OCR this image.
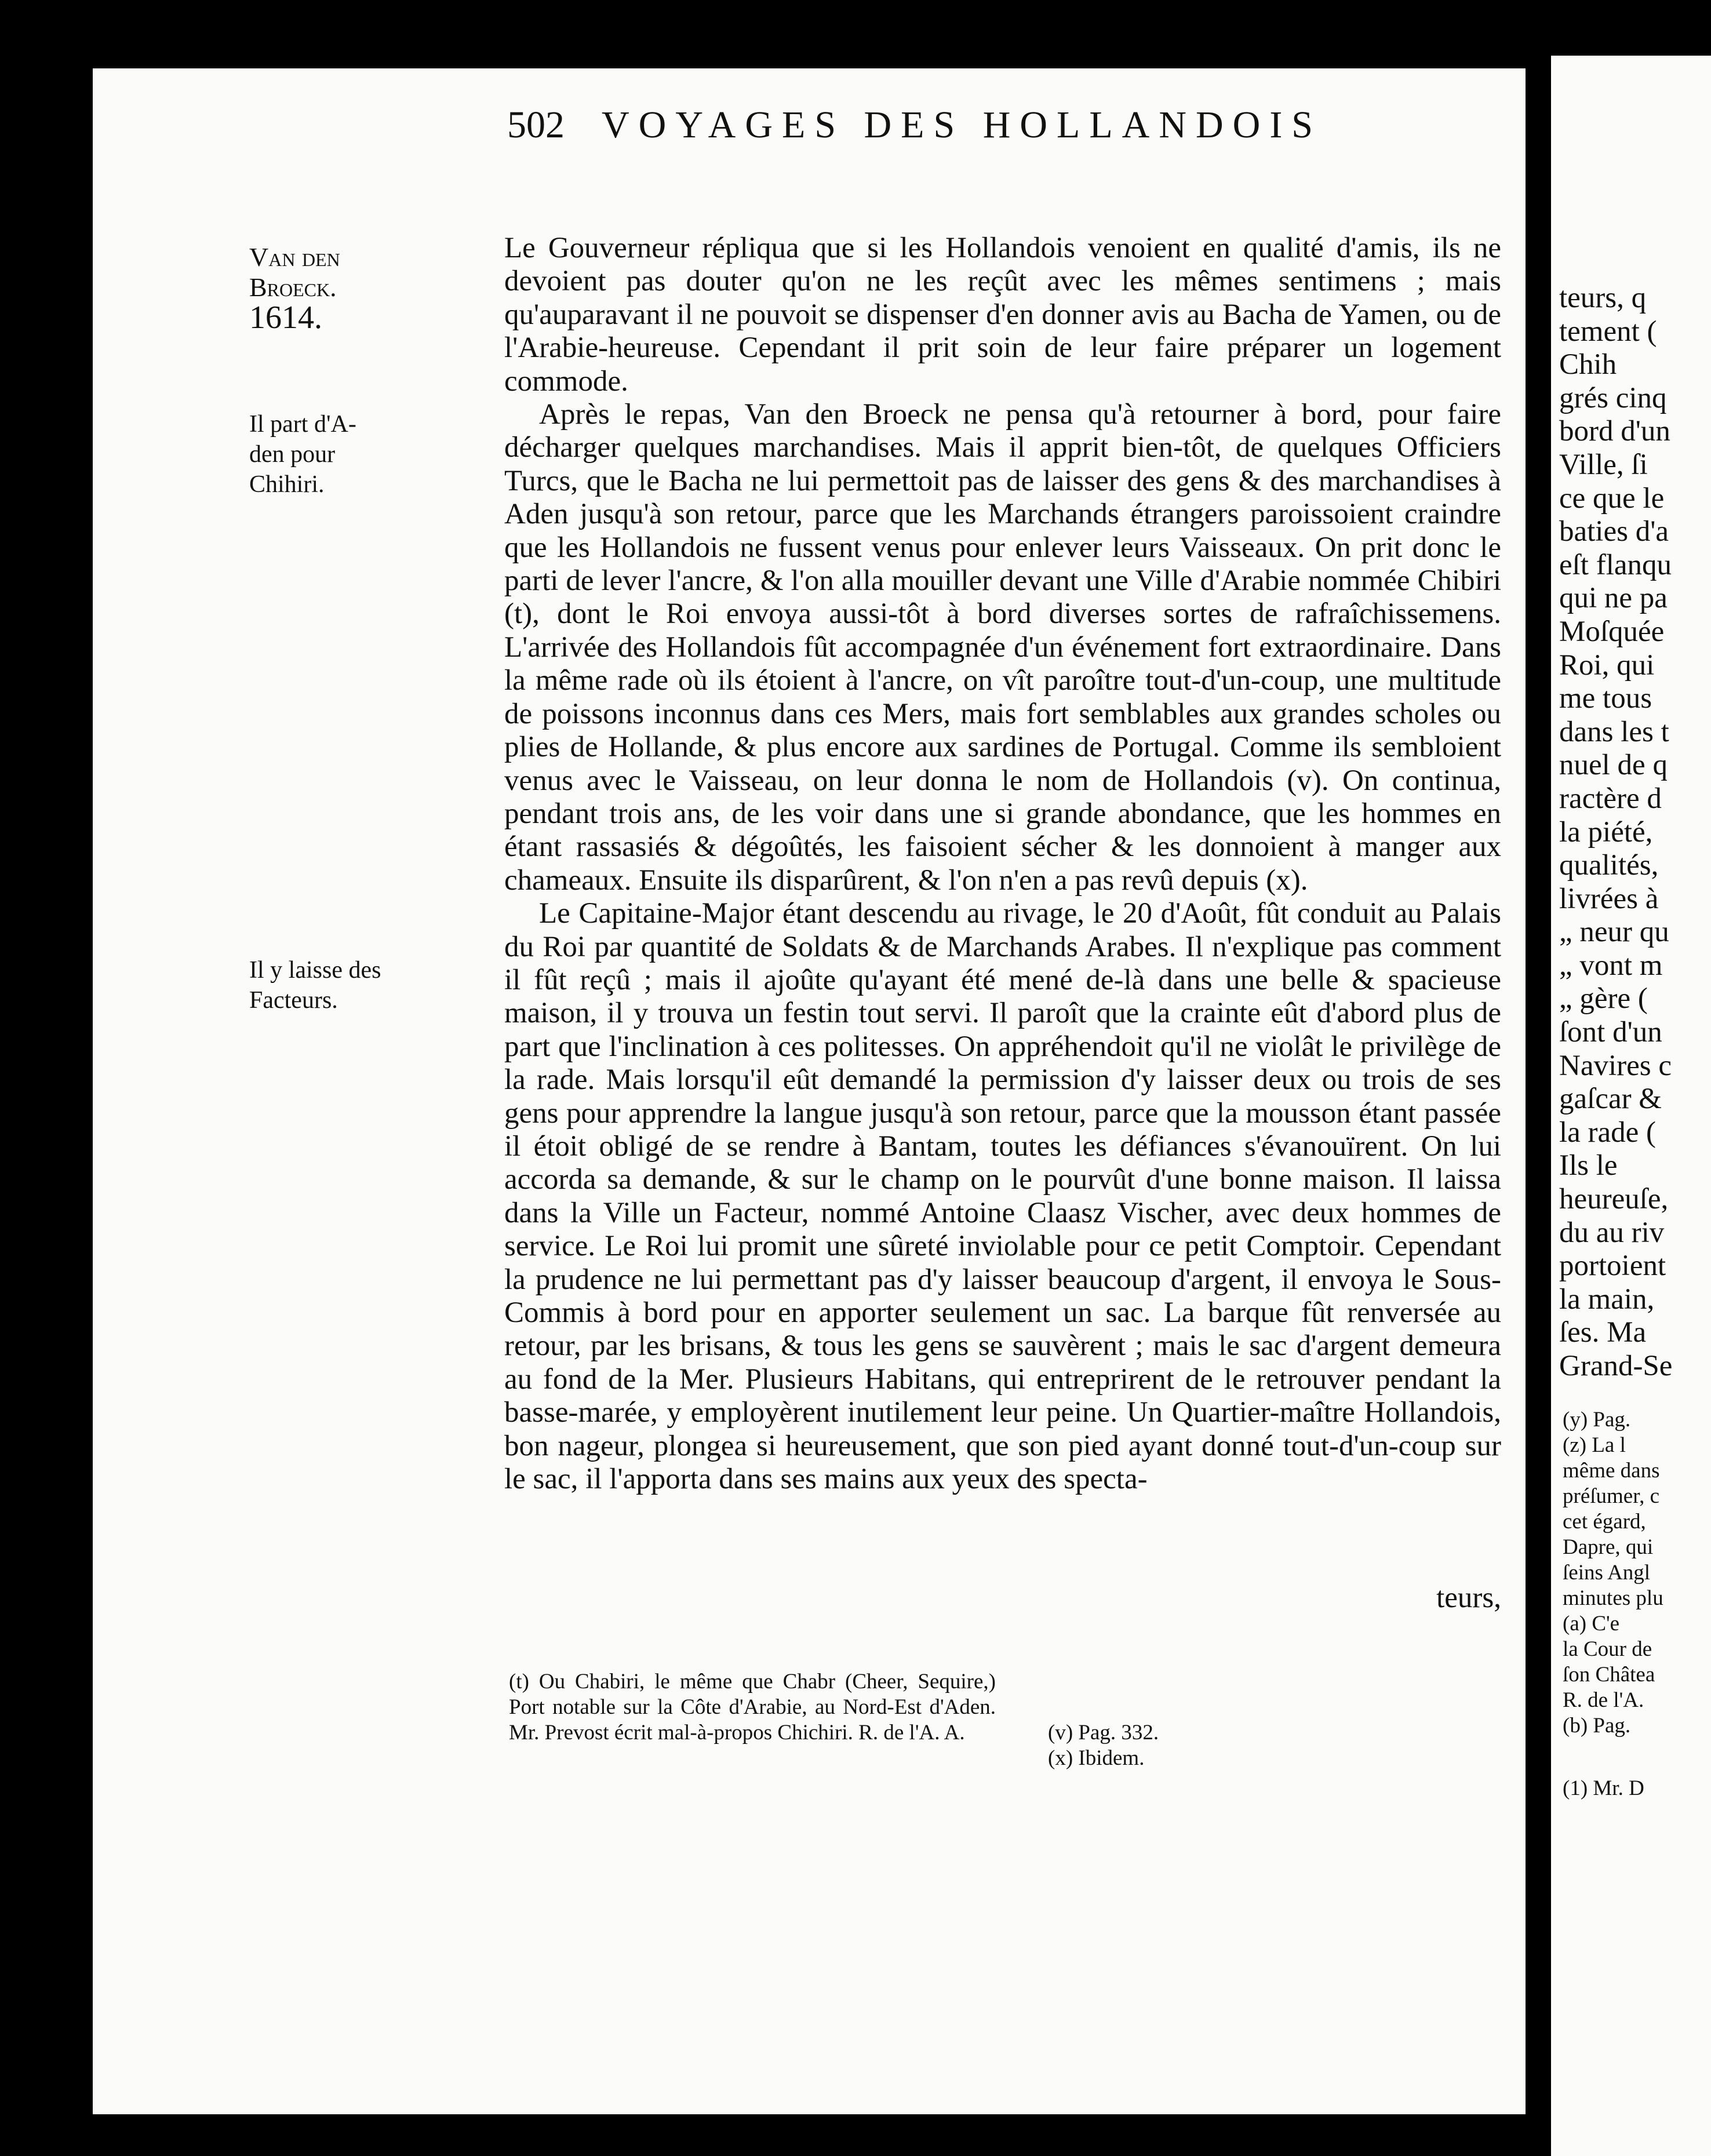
502 VOYAGES DES HOLLANDOIS
Van den
Broeck.
1614.
Il part d'A-
den pour
Chihiri.
Il y laisse des
Facteurs.

Le Gouverneur répliqua que si les Hollandois venoient en qualité d'amis, ils ne devoient pas douter qu'on ne les reçût avec les mêmes sentimens ; mais qu'auparavant il ne pouvoit se dispenser d'en donner avis au Bacha de Yamen, ou de l'Arabie-heureuse. Cependant il prit soin de leur faire préparer un logement commode.

Après le repas, Van den Broeck ne pensa qu'à retourner à bord, pour faire décharger quelques marchandises. Mais il apprit bien-tôt, de quelques Officiers Turcs, que le Bacha ne lui permettoit pas de laisser des gens & des marchandises à Aden jusqu'à son retour, parce que les Marchands étrangers paroissoient craindre que les Hollandois ne fussent venus pour enlever leurs Vaisseaux. On prit donc le parti de lever l'ancre, & l'on alla mouiller devant une Ville d'Arabie nommée Chibiri (t), dont le Roi envoya aussi-tôt à bord diverses sortes de rafraîchissemens. L'arrivée des Hollandois fût accompagnée d'un événement fort extraordinaire. Dans la même rade où ils étoient à l'ancre, on vît paroître tout-d'un-coup, une multitude de poissons inconnus dans ces Mers, mais fort semblables aux grandes scholes ou plies de Hollande, & plus encore aux sardines de Portugal. Comme ils sembloient venus avec le Vaisseau, on leur donna le nom de Hollandois (v). On continua, pendant trois ans, de les voir dans une si grande abondance, que les hommes en étant rassasiés & dégoûtés, les faisoient sécher & les donnoient à manger aux chameaux. Ensuite ils disparûrent, & l'on n'en a pas revû depuis (x).

Le Capitaine-Major étant descendu au rivage, le 20 d'Août, fût conduit au Palais du Roi par quantité de Soldats & de Marchands Arabes. Il n'explique pas comment il fût reçû ; mais il ajoûte qu'ayant été mené de-là dans une belle & spacieuse maison, il y trouva un festin tout servi. Il paroît que la crainte eût d'abord plus de part que l'inclination à ces politesses. On appréhendoit qu'il ne violât le privilège de la rade. Mais lorsqu'il eût demandé la permission d'y laisser deux ou trois de ses gens pour apprendre la langue jusqu'à son retour, parce que la mousson étant passée il étoit obligé de se rendre à Bantam, toutes les défiances s'évanouïrent. On lui accorda sa demande, & sur le champ on le pourvût d'une bonne maison. Il laissa dans la Ville un Facteur, nommé Antoine Claasz Vischer, avec deux hommes de service. Le Roi lui promit une sûreté inviolable pour ce petit Comptoir. Cependant la prudence ne lui permettant pas d'y laisser beaucoup d'argent, il envoya le Sous-Commis à bord pour en apporter seulement un sac. La barque fût renversée au retour, par les brisans, & tous les gens se sauvèrent ; mais le sac d'argent demeura au fond de la Mer. Plusieurs Habitans, qui entreprirent de le retrouver pendant la basse-marée, y employèrent inutilement leur peine. Un Quartier-maître Hollandois, bon nageur, plongea si heureusement, que son pied ayant donné tout-d'un-coup sur le sac, il l'apporta dans ses mains aux yeux des specta-

teurs,
(t) Ou Chabiri, le même que Chabr (Cheer, Sequire,) Port notable sur la Côte d'Arabie, au Nord-Est d'Aden. Mr. Prevost écrit mal-à-propos Chichiri. R. de l'A. A.	(v) Pag. 332.
(x) Ibidem.
teurs, q
tement (
Chih
grés cinq
bord d'un
Ville, ſi
ce que le
baties d'a
eſt flanqu
qui ne pa
Moſquée
Roi, qui
me tous
dans les t
nuel de q
ractère d
la piété,
qualités,
livrées à
„ neur qu
„ vont m
„ gère (
ſont d'un
Navires c
gaſcar &
la rade (
Ils le
heureuſe,
du au riv
portoient
la main,
ſes. Ma
Grand-Se
(y) Pag.
(z) La l
même dans
préſumer, c
cet égard,
Dapre, qui
ſeins Angl
minutes plu
(a) C'e
la Cour de
ſon Châtea
R. de l'A.
(b) Pag.
(1) Mr. D
